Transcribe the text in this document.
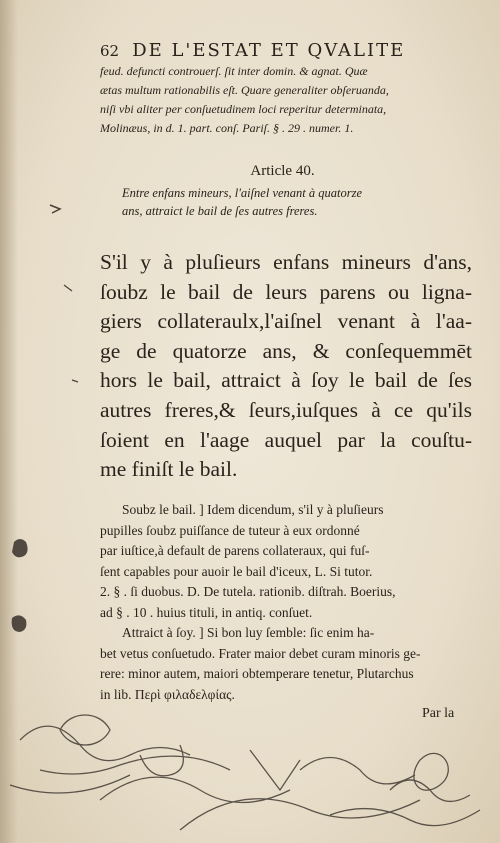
62 DE L'ESTAT ET QVALITE
feud. defuncti controuerſ. ſit inter domin. & agnat. Quæ
ætas multum rationabilis eſt. Quare generaliter obſeruanda,
niſi vbi aliter per conſuetudinem loci reperitur determinata,
Molinæus, in d. 1. part. conſ. Pariſ. § . 29 . numer. 1.
Article 40.
Entre enfans mineurs, l'aiſnel venant à quatorze
ans, attraict le bail de ſes autres freres.
S'il y à pluſieurs enfans mineurs d'ans,
ſoubz le bail de leurs parens ou ligna-
giers collateraulx,l'aiſnel venant à l'aa-
ge de quatorze ans, & conſequemmēt
hors le bail, attraict à ſoy le bail de ſes
autres freres,& ſeurs,iuſques à ce qu'ils
ſoient en l'aage auquel par la couſtu-
me finiſt le bail.
Soubz le bail. ] Idem dicendum, s'il y à pluſieurs
pupilles ſoubz puiſſance de tuteur à eux ordonné
par iuſtice,à default de parens collateraux, qui fuſ-
ſent capables pour auoir le bail d'iceux, L. Si tutor.
2. § . ſi duobus. D. De tutela. rationib. diſtrah. Boerius,
ad § . 10 . huius tituli, in antiq. conſuet.
Attraict à ſoy. ] Si bon luy ſemble: ſic enim ha-
bet vetus conſuetudo. Frater maior debet curam minoris ge-
rere: minor autem, maiori obtemperare tenetur, Plutarchus
in lib. Περὶ φιλαδελφίας.
Par la
